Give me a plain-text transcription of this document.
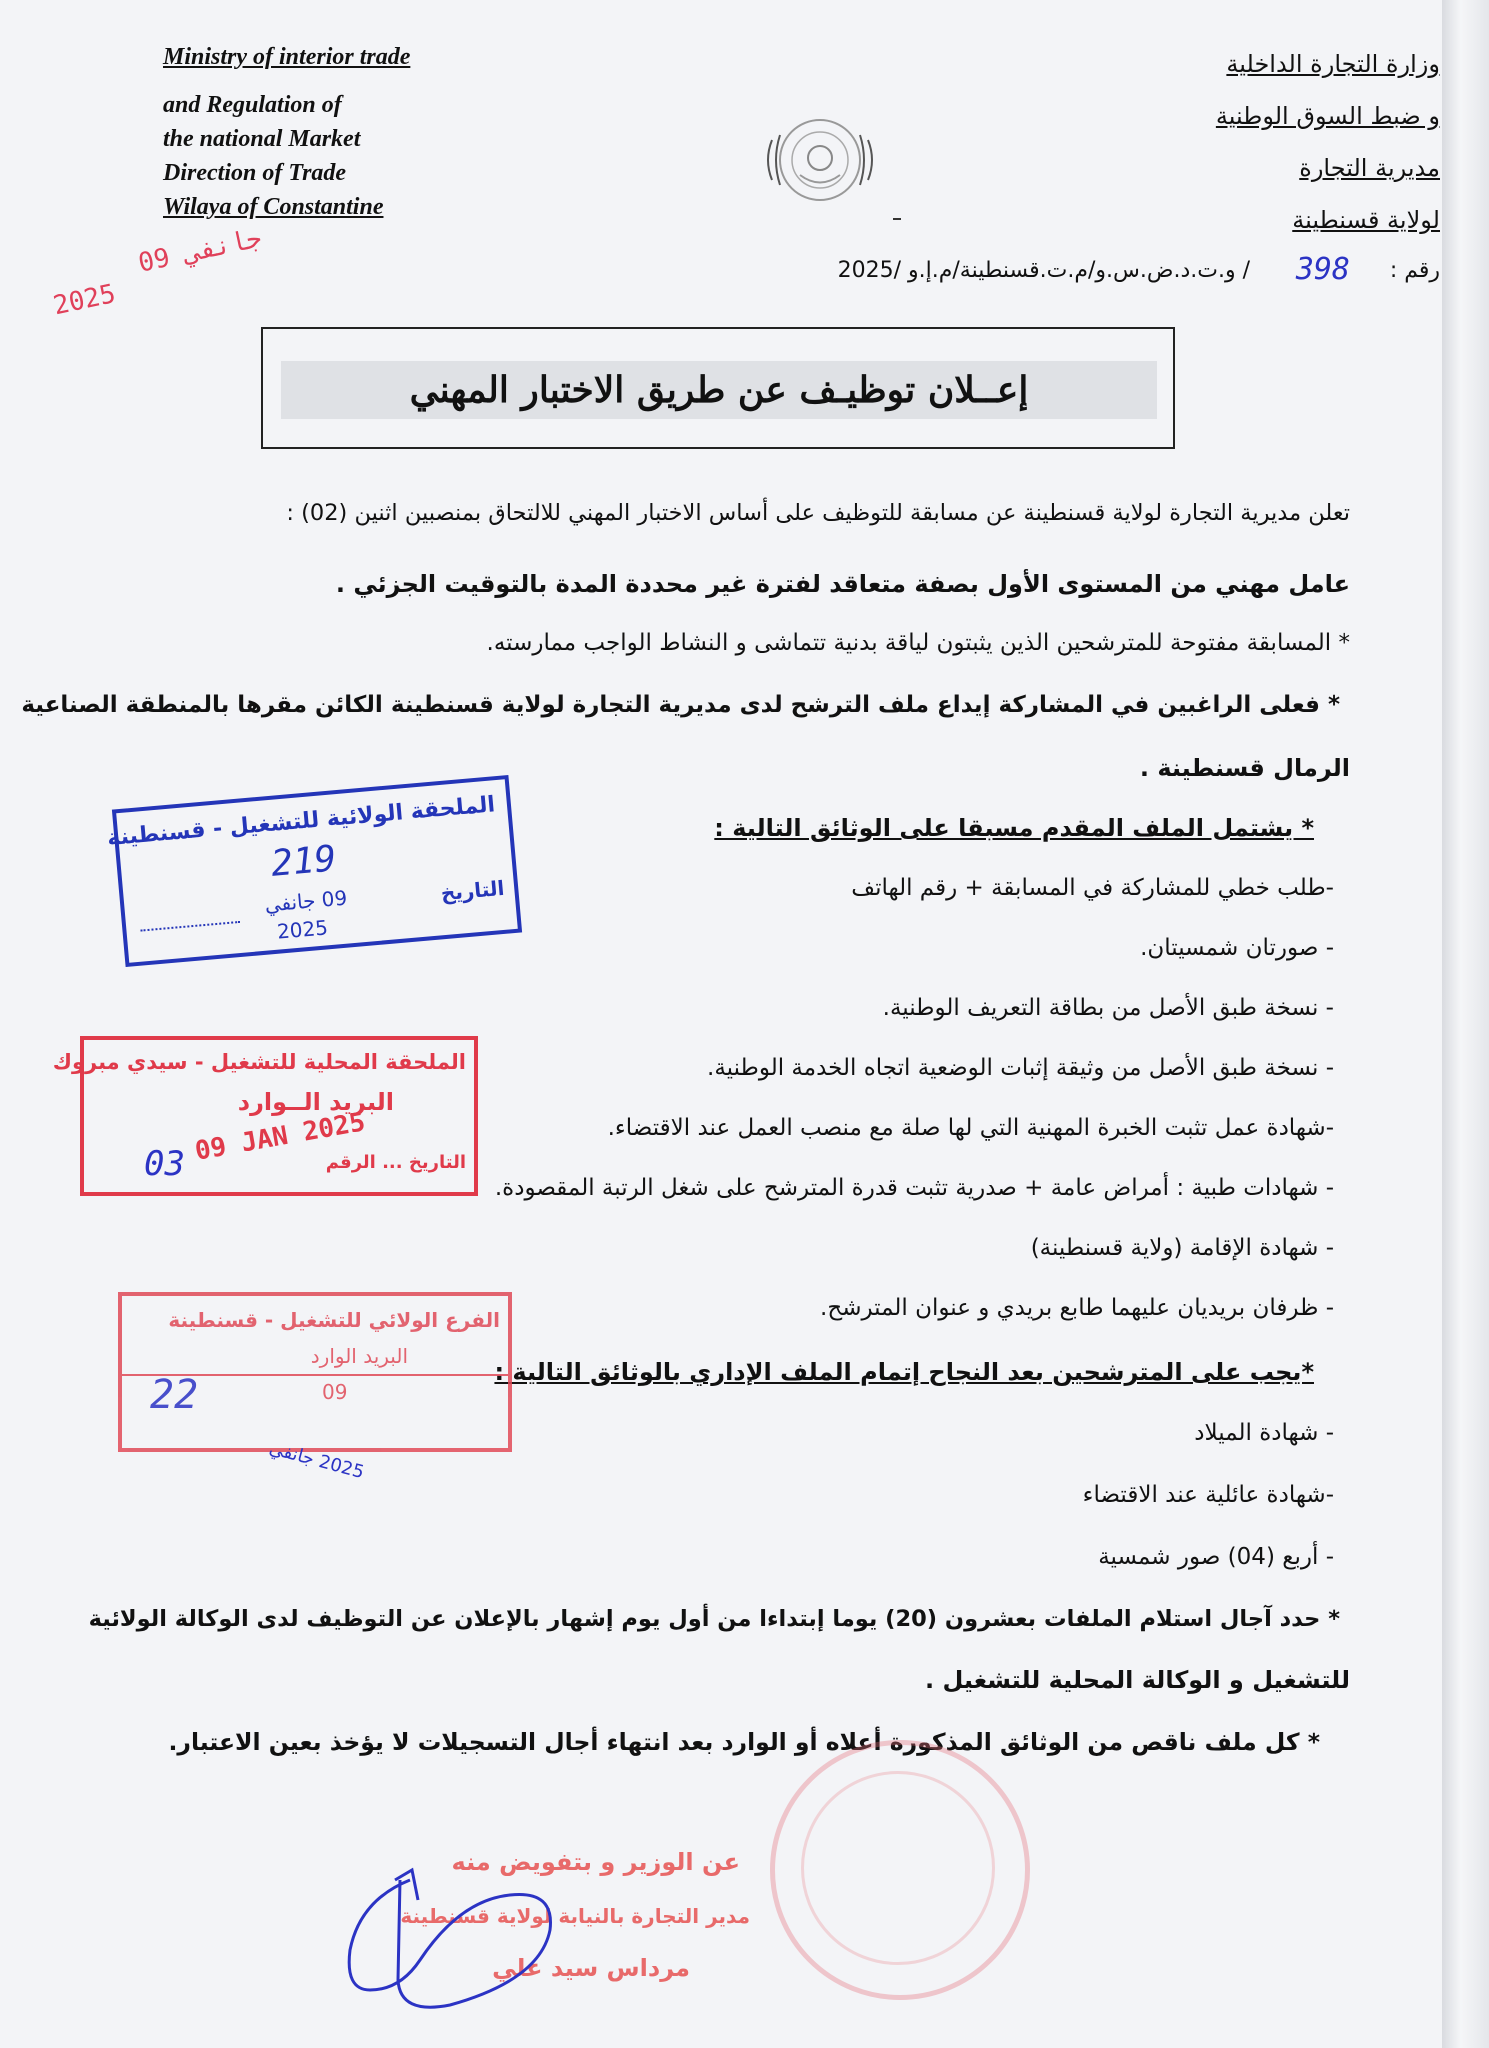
Ministry of interior trade
and Regulation of
the national Market
Direction of Trade
Wilaya of Constantine
وزارة التجارة الداخلية
و ضبط السوق الوطنية
مديرية التجارة
لولاية قسنطينة
رقم :
398
/ و.ت.د.ض.س.و/م.ت.قسنطينة/م.إ.و /2025
09 جانفي
2025
إعــلان توظيـف عن طريق الاختبار المهني
تعلن مديرية التجارة لولاية قسنطينة عن مسابقة للتوظيف على أساس الاختبار المهني للالتحاق بمنصبين اثنين (02) :
عامل مهني من المستوى الأول بصفة متعاقد لفترة غير محددة المدة بالتوقيت الجزئي .
* المسابقة مفتوحة للمترشحين الذين يثبتون لياقة بدنية تتماشى و النشاط الواجب ممارسته.
* فعلى الراغبين في المشاركة إيداع ملف الترشح لدى مديرية التجارة لولاية قسنطينة الكائن مقرها بالمنطقة الصناعية
الرمال قسنطينة .
* يشتمل الملف المقدم مسبقا على الوثائق التالية :
-طلب خطي للمشاركة في المسابقة + رقم الهاتف
- صورتان شمسيتان.
- نسخة طبق الأصل من بطاقة التعريف الوطنية.
- نسخة طبق الأصل من وثيقة إثبات الوضعية اتجاه الخدمة الوطنية.
-شهادة عمل تثبت الخبرة المهنية التي لها صلة مع منصب العمل عند الاقتضاء.
- شهادات طبية : أمراض عامة + صدرية تثبت قدرة المترشح على شغل الرتبة المقصودة.
- شهادة الإقامة (ولاية قسنطينة)
- ظرفان بريديان عليهما طابع بريدي و عنوان المترشح.
*يجب على المترشحين بعد النجاح إتمام الملف الإداري بالوثائق التالية :
- شهادة الميلاد
-شهادة عائلية عند الاقتضاء
- أربع (04) صور شمسية
* حدد آجال استلام الملفات بعشرون (20) يوما إبتداءا من أول يوم إشهار بالإعلان عن التوظيف لدى الوكالة الولائية
للتشغيل و الوكالة المحلية للتشغيل .
* كل ملف ناقص من الوثائق المذكورة أعلاه أو الوارد بعد انتهاء أجال التسجيلات لا يؤخذ بعين الاعتبار.
الملحقة الولائية للتشغيل - قسنطينة
219
التاريخ
09 جانفي
2025
الملحقة المحلية للتشغيل - سيدي مبروك
البريد الــوارد
09 JAN 2025
التاريخ ... الرقم
03
الفرع الولائي للتشغيل - قسنطينة
البريد الوارد
22	09
2025 جانفي
عن الوزير و بتفويض منه
مدير التجارة بالنيابة لولاية قسنطينة
مرداس سيد علي
